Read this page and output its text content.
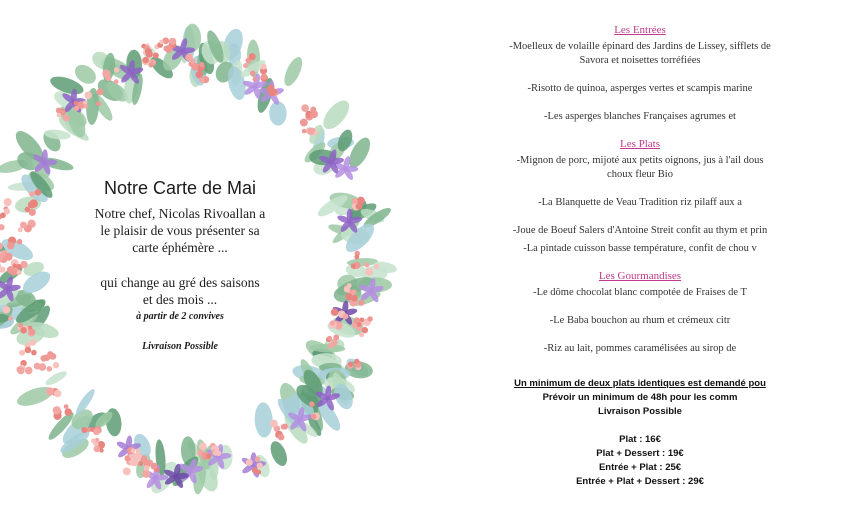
Notre Carte de Mai
Notre chef, Nicolas Rivoallan a
le plaisir de vous présenter sa
carte éphémère ...
qui change au gré des saisons
et des mois ...
à partir de 2 convives
Livraison Possible
Les Entrées
-Moelleux de volaille épinard des Jardins de Lissey, sifflets de
Savora et noisettes torréfiées
-Risotto de quinoa, asperges vertes et scampis marine
-Les asperges blanches Françaises agrumes et
Les Plats
-Mignon de porc, mijoté aux petits oignons, jus à l'ail dous
choux fleur Bio
-La Blanquette de Veau Tradition riz pilaff aux a
-Joue de Boeuf Salers d'Antoine Streit confit au thym et prin
-La pintade cuisson basse température, confit de chou v
Les Gourmandises
-Le dôme chocolat blanc compotée de Fraises de T
-Le Baba bouchon au rhum et crémeux citr
-Riz au lait, pommes caramélisées au sirop de
Un minimum de deux plats identiques est demandé pou
Prévoir un minimum de 48h pour les comm
Livraison Possible
Plat : 16€
Plat + Dessert : 19€
Entrée + Plat : 25€
Entrée + Plat + Dessert : 29€
